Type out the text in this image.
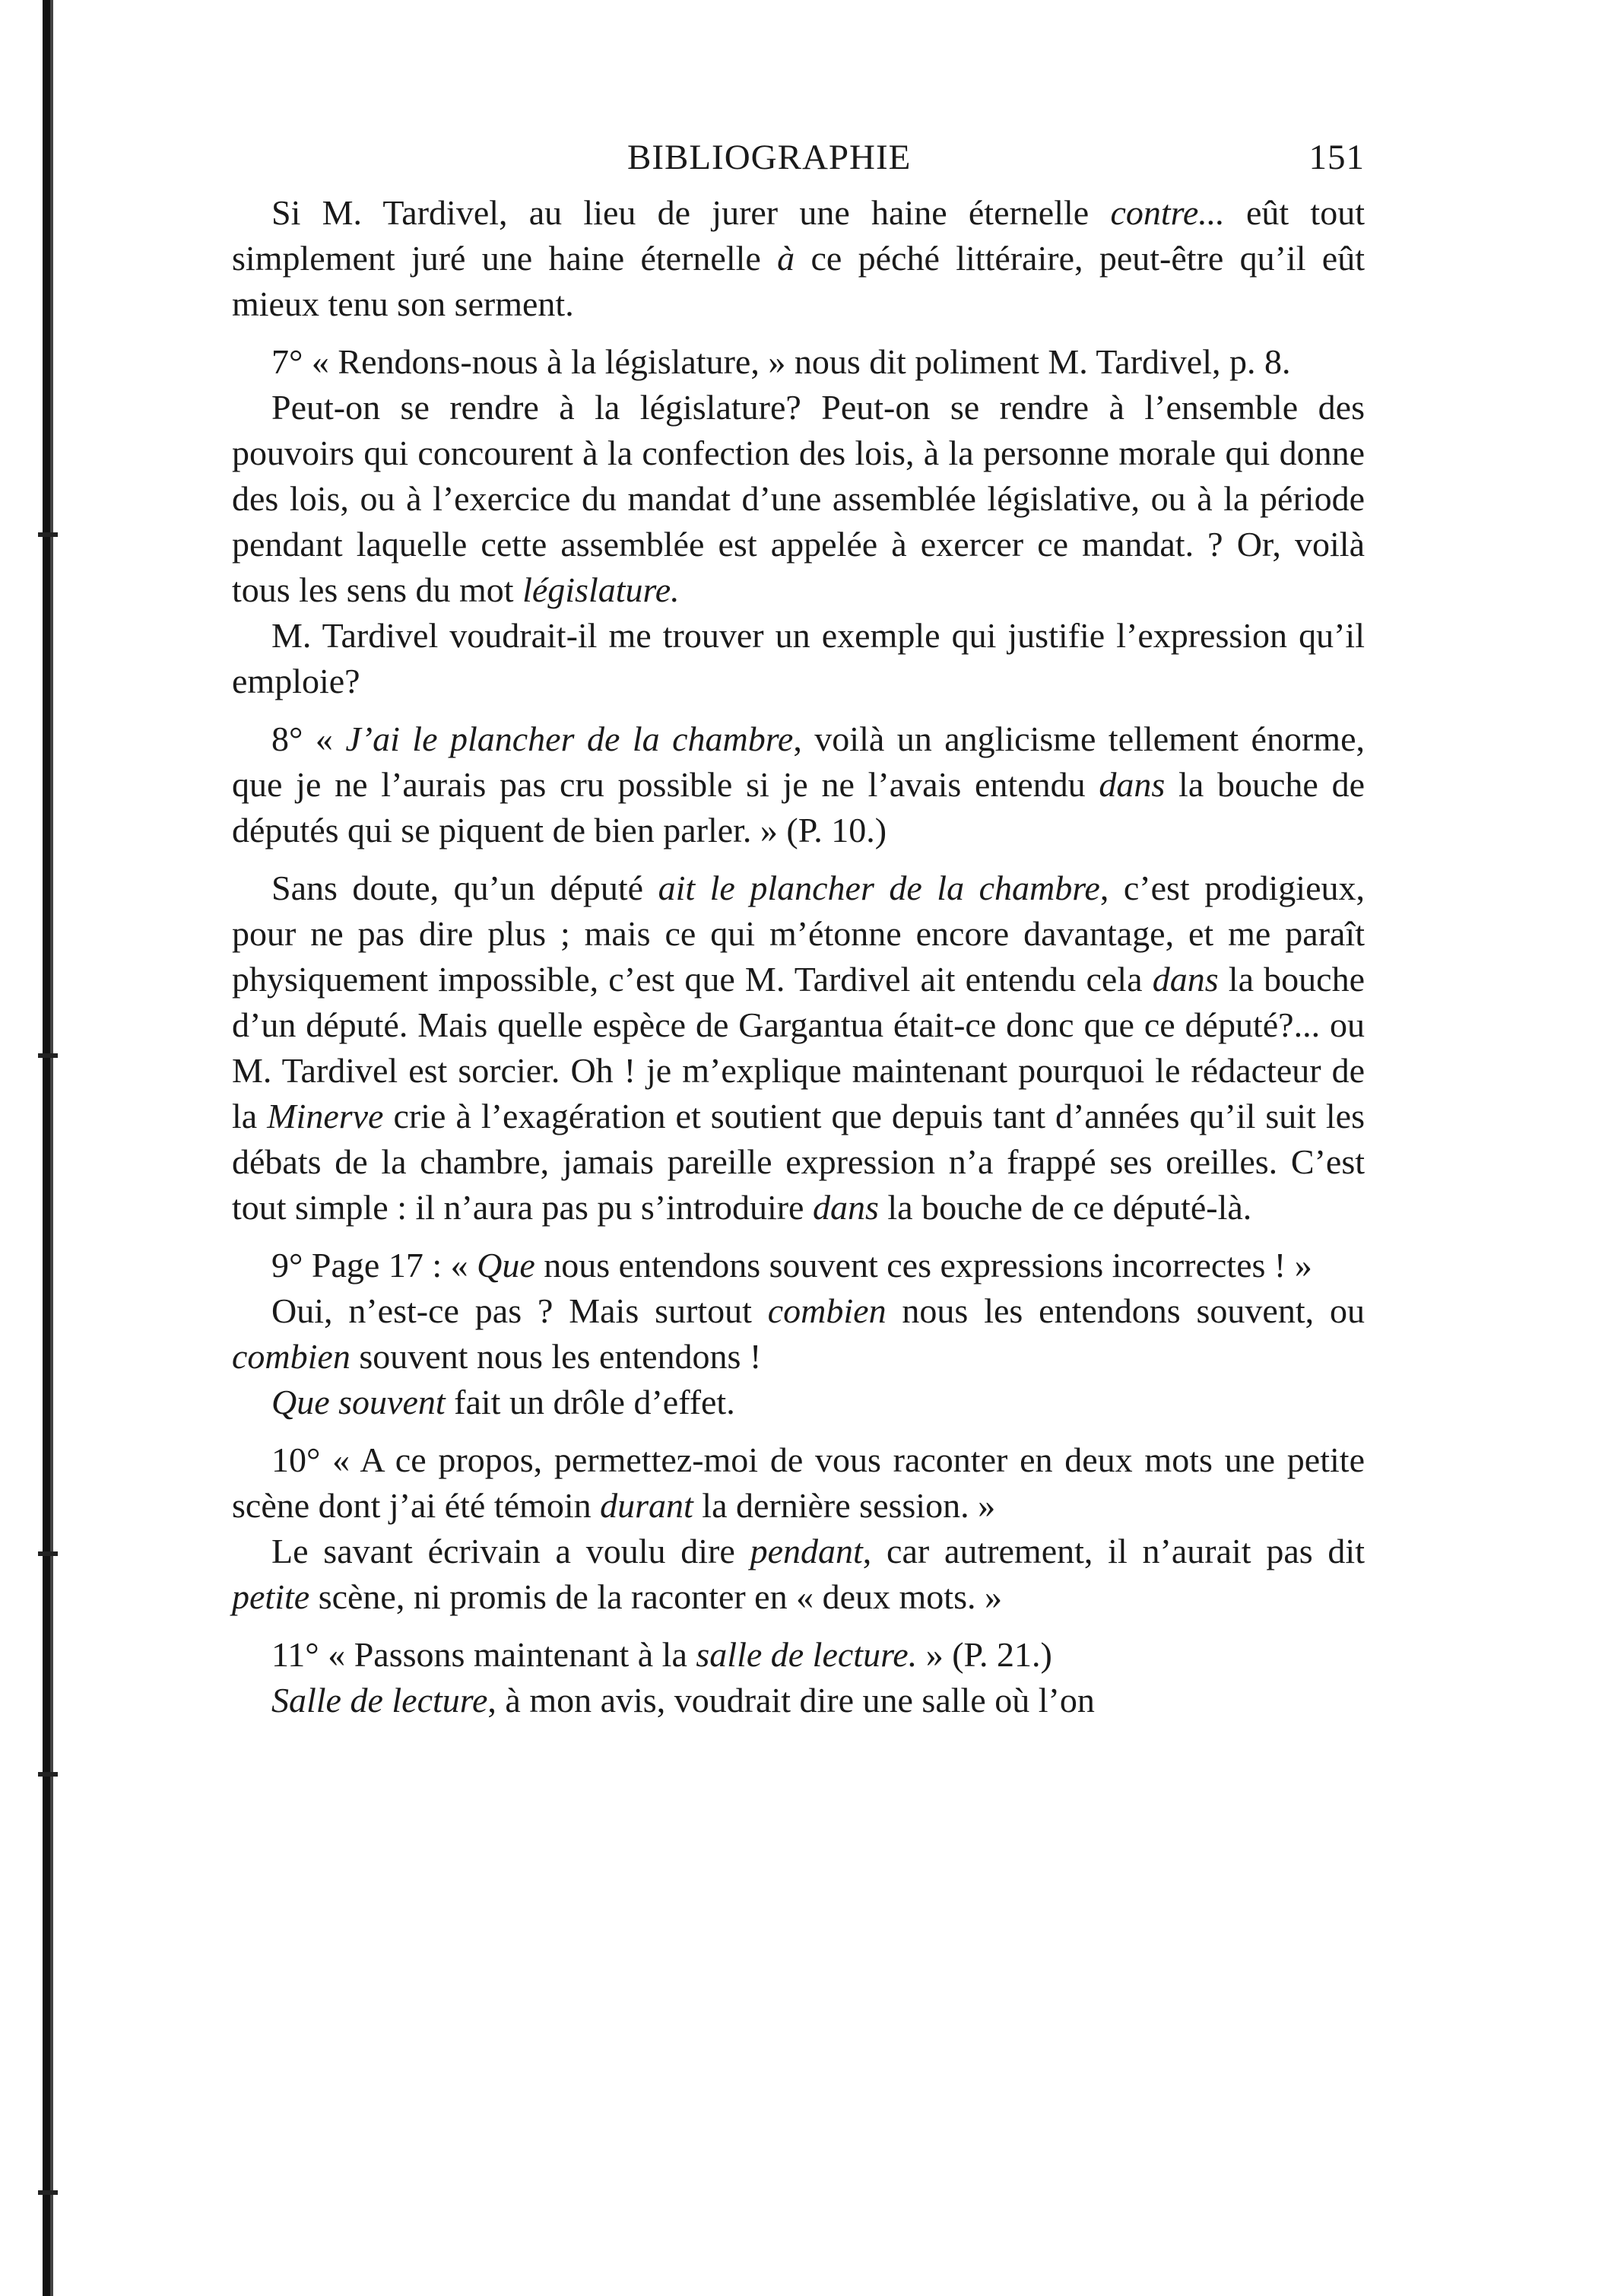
BIBLIOGRAPHIE	151

Si M. Tardivel, au lieu de jurer une haine éternelle contre... eût tout simplement juré une haine éternelle à ce péché littéraire, peut-être qu’il eût mieux tenu son serment.

7° « Rendons-nous à la législature, » nous dit poliment M. Tardivel, p. 8.

Peut-on se rendre à la législature? Peut-on se rendre à l’ensemble des pouvoirs qui concourent à la confection des lois, à la personne morale qui donne des lois, ou à l’exercice du mandat d’une assemblée législative, ou à la période pendant laquelle cette assemblée est appelée à exercer ce mandat. ? Or, voilà tous les sens du mot législature.

M. Tardivel voudrait-il me trouver un exemple qui justifie l’expression qu’il emploie?

8° « J’ai le plancher de la chambre, voilà un anglicisme tellement énorme, que je ne l’aurais pas cru possible si je ne l’avais entendu dans la bouche de députés qui se piquent de bien parler. » (P. 10.)

Sans doute, qu’un député ait le plancher de la chambre, c’est prodigieux, pour ne pas dire plus ; mais ce qui m’étonne encore davantage, et me paraît physiquement impossible, c’est que M. Tardivel ait entendu cela dans la bouche d’un député. Mais quelle espèce de Gargantua était-ce donc que ce député?... ou M. Tardivel est sorcier. Oh ! je m’explique maintenant pourquoi le rédacteur de la Minerve crie à l’exagération et soutient que depuis tant d’années qu’il suit les débats de la chambre, jamais pareille expression n’a frappé ses oreilles. C’est tout simple : il n’aura pas pu s’introduire dans la bouche de ce député-là.

9° Page 17 : « Que nous entendons souvent ces expressions incorrectes ! »

Oui, n’est-ce pas ? Mais surtout combien nous les entendons souvent, ou combien souvent nous les entendons !

Que souvent fait un drôle d’effet.

10° « A ce propos, permettez-moi de vous raconter en deux mots une petite scène dont j’ai été témoin durant la dernière session. »

Le savant écrivain a voulu dire pendant, car autrement, il n’aurait pas dit petite scène, ni promis de la raconter en « deux mots. »

11° « Passons maintenant à la salle de lecture. » (P. 21.)

Salle de lecture, à mon avis, voudrait dire une salle où l’on
